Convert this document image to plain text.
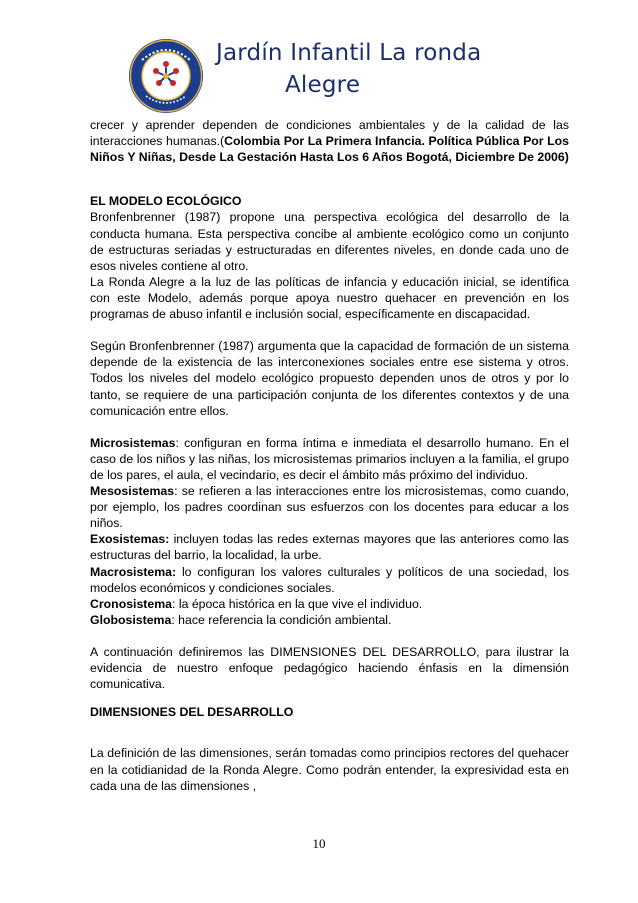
Jardín Infantil La ronda
Alegre

crecer y aprender dependen de condiciones ambientales y de la calidad de las interacciones humanas.(Colombia Por La Primera Infancia. Política Pública Por Los Niños Y Niñas, Desde La Gestación Hasta Los 6 Años Bogotá, Diciembre De 2006)

EL MODELO ECOLÓGICO

Bronfenbrenner (1987) propone una perspectiva ecológica del desarrollo de la conducta humana. Esta perspectiva concibe al ambiente ecológico como un conjunto de estructuras seriadas y estructuradas en diferentes niveles, en donde cada uno de esos niveles contiene al otro.

La Ronda Alegre a la luz de las políticas de infancia y educación inicial, se identifica con este Modelo, además porque apoya nuestro quehacer en prevención en los programas de abuso infantil e inclusión social, específicamente en discapacidad.

Según Bronfenbrenner (1987) argumenta que la capacidad de formación de un sistema depende de la existencia de las interconexiones sociales entre ese sistema y otros. Todos los niveles del modelo ecológico propuesto dependen unos de otros y por lo tanto, se requiere de una participación conjunta de los diferentes contextos y de una comunicación entre ellos.

Microsistemas: configuran en forma íntima e inmediata el desarrollo humano. En el caso de los niños y las niñas, los microsistemas primarios incluyen a la familia, el grupo de los pares, el aula, el vecindario, es decir el ámbito más próximo del individuo.

Mesosistemas: se refieren a las interacciones entre los microsistemas, como cuando, por ejemplo, los padres coordinan sus esfuerzos con los docentes para educar a los niños.

Exosistemas: incluyen todas las redes externas mayores que las anteriores como las estructuras del barrio, la localidad, la urbe.

Macrosistema: lo configuran los valores culturales y políticos de una sociedad, los modelos económicos y condiciones sociales.

Cronosistema: la época histórica en la que vive el individuo.

Globosistema: hace referencia la condición ambiental.

A continuación definiremos las DIMENSIONES DEL DESARROLLO, para ilustrar la evidencia de nuestro enfoque pedagógico haciendo énfasis en la dimensión comunicativa.

DIMENSIONES DEL DESARROLLO

La definición de las dimensiones, serán tomadas como principios rectores del quehacer en la cotidianidad de la Ronda Alegre. Como podrán entender, la expresividad esta en cada una de las dimensiones ,

10
